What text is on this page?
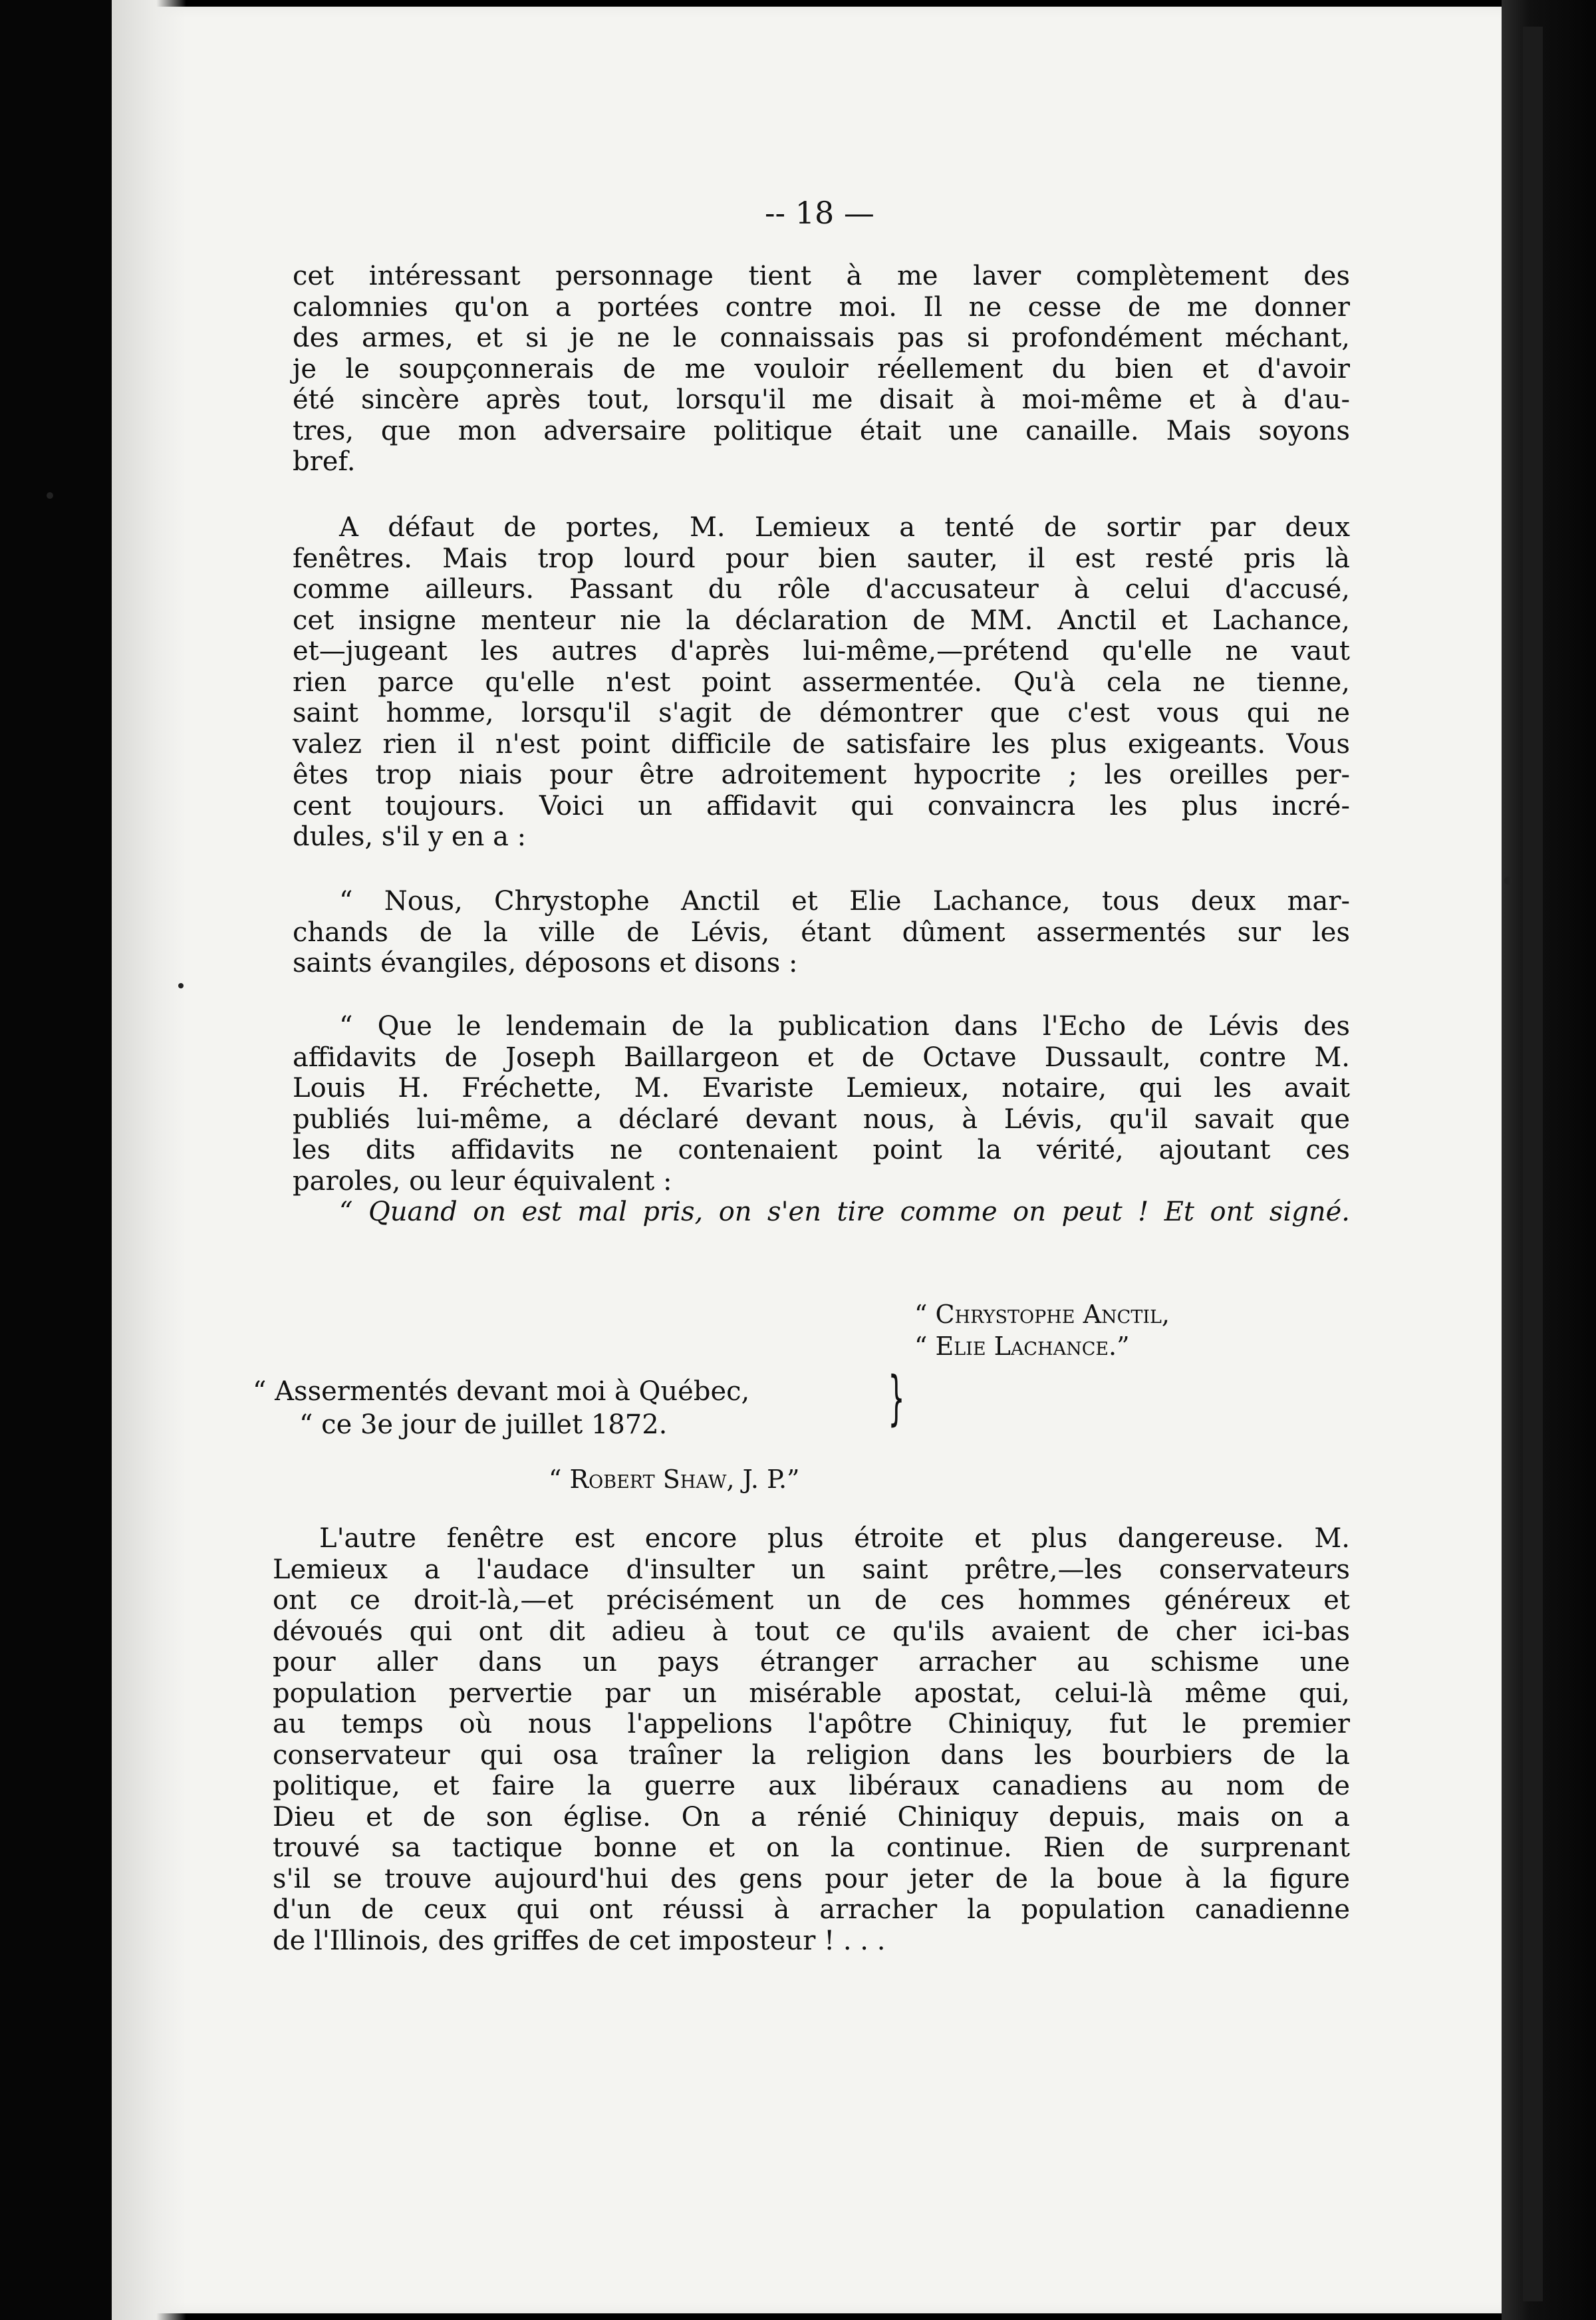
-- 18 —
cet intéressant personnage tient à me laver complètement des
calomnies qu'on a portées contre moi. Il ne cesse de me donner
des armes, et si je ne le connaissais pas si profondément méchant,
je le soupçonnerais de me vouloir réellement du bien et d'avoir
été sincère après tout, lorsqu'il me disait à moi-même et à d'au-
tres, que mon adversaire politique était une canaille. Mais soyons
bref.
A défaut de portes, M. Lemieux a tenté de sortir par deux
fenêtres. Mais trop lourd pour bien sauter, il est resté pris là
comme ailleurs. Passant du rôle d'accusateur à celui d'accusé,
cet insigne menteur nie la déclaration de MM. Anctil et Lachance,
et—jugeant les autres d'après lui-même,—prétend qu'elle ne vaut
rien parce qu'elle n'est point assermentée. Qu'à cela ne tienne,
saint homme, lorsqu'il s'agit de démontrer que c'est vous qui ne
valez rien il n'est point difficile de satisfaire les plus exigeants. Vous
êtes trop niais pour être adroitement hypocrite ; les oreilles per-
cent toujours. Voici un affidavit qui convaincra les plus incré-
dules, s'il y en a :
“ Nous, Chrystophe Anctil et Elie Lachance, tous deux mar-
chands de la ville de Lévis, étant dûment assermentés sur les
saints évangiles, déposons et disons :
“ Que le lendemain de la publication dans l'Echo de Lévis des
affidavits de Joseph Baillargeon et de Octave Dussault, contre M.
Louis H. Fréchette, M. Evariste Lemieux, notaire, qui les avait
publiés lui-même, a déclaré devant nous, à Lévis, qu'il savait que
les dits affidavits ne contenaient point la vérité, ajoutant ces
paroles, ou leur équivalent :
“ Quand on est mal pris, on s'en tire comme on peut ! Et ont signé.
“ Chrystophe Anctil,
“ Elie Lachance.”
“ Assermentés devant moi à Québec,
“ ce 3e jour de juillet 1872.	}
“ Robert Shaw, J. P.”
L'autre fenêtre est encore plus étroite et plus dangereuse. M.
Lemieux a l'audace d'insulter un saint prêtre,—les conservateurs
ont ce droit-là,—et précisément un de ces hommes généreux et
dévoués qui ont dit adieu à tout ce qu'ils avaient de cher ici-bas
pour aller dans un pays étranger arracher au schisme une
population pervertie par un misérable apostat, celui-là même qui,
au temps où nous l'appelions l'apôtre Chiniquy, fut le premier
conservateur qui osa traîner la religion dans les bourbiers de la
politique, et faire la guerre aux libéraux canadiens au nom de
Dieu et de son église. On a rénié Chiniquy depuis, mais on a
trouvé sa tactique bonne et on la continue. Rien de surprenant
s'il se trouve aujourd'hui des gens pour jeter de la boue à la figure
d'un de ceux qui ont réussi à arracher la population canadienne
de l'Illinois, des griffes de cet imposteur ! . . .
